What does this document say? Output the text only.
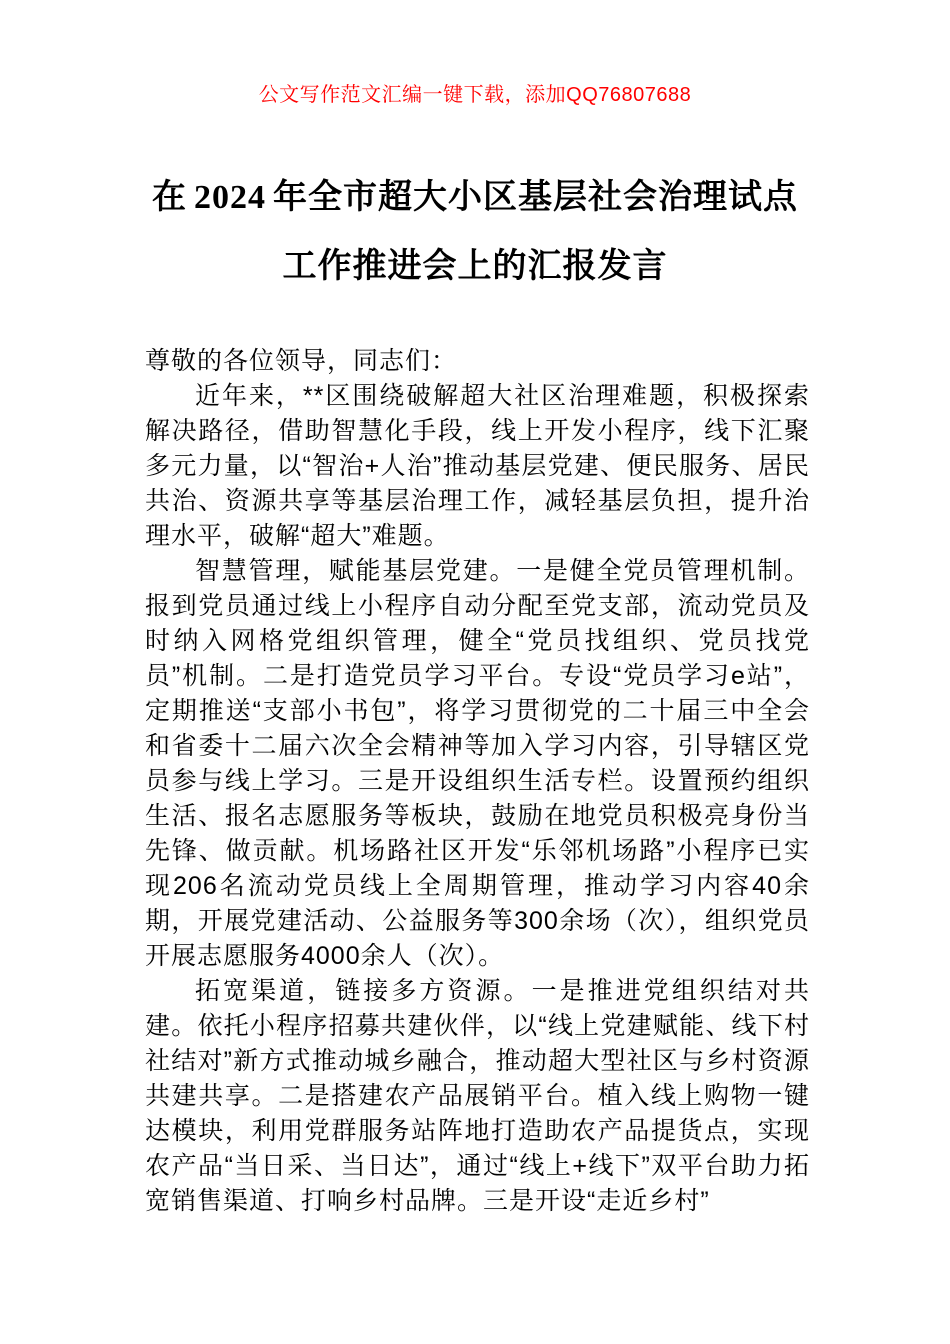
公文写作范文汇编一键下载，添加QQ76807688
在 2024 年全市超大小区基层社会治理试点
工作推进会上的汇报发言

尊敬的各位领导，同志们：

近年来，**区围绕破解超大社区治理难题，积极探索解决路径，借助智慧化手段，线上开发小程序，线下汇聚多元力量，以“智治+人治”推动基层党建、便民服务、居民共治、资源共享等基层治理工作，减轻基层负担，提升治理水平，破解“超大”难题。

智慧管理，赋能基层党建。一是健全党员管理机制。报到党员通过线上小程序自动分配至党支部，流动党员及时纳入网格党组织管理，健全“党员找组织、党员找党员”机制。二是打造党员学习平台。专设“党员学习e站”，定期推送“支部小书包”，将学习贯彻党的二十届三中全会和省委十二届六次全会精神等加入学习内容，引导辖区党员参与线上学习。三是开设组织生活专栏。设置预约组织生活、报名志愿服务等板块，鼓励在地党员积极亮身份当先锋、做贡献。机场路社区开发“乐邻机场路”小程序已实现206名流动党员线上全周期管理，推动学习内容40余期，开展党建活动、公益服务等300余场（次），组织党员开展志愿服务4000余人（次）。

拓宽渠道，链接多方资源。一是推进党组织结对共建。依托小程序招募共建伙伴，以“线上党建赋能、线下村社结对”新方式推动城乡融合，推动超大型社区与乡村资源共建共享。二是搭建农产品展销平台。植入线上购物一键达模块，利用党群服务站阵地打造助农产品提货点，实现农产品“当日采、当日达”，通过“线上+线下”双平台助力拓宽销售渠道、打响乡村品牌。三是开设“走近乡村”
